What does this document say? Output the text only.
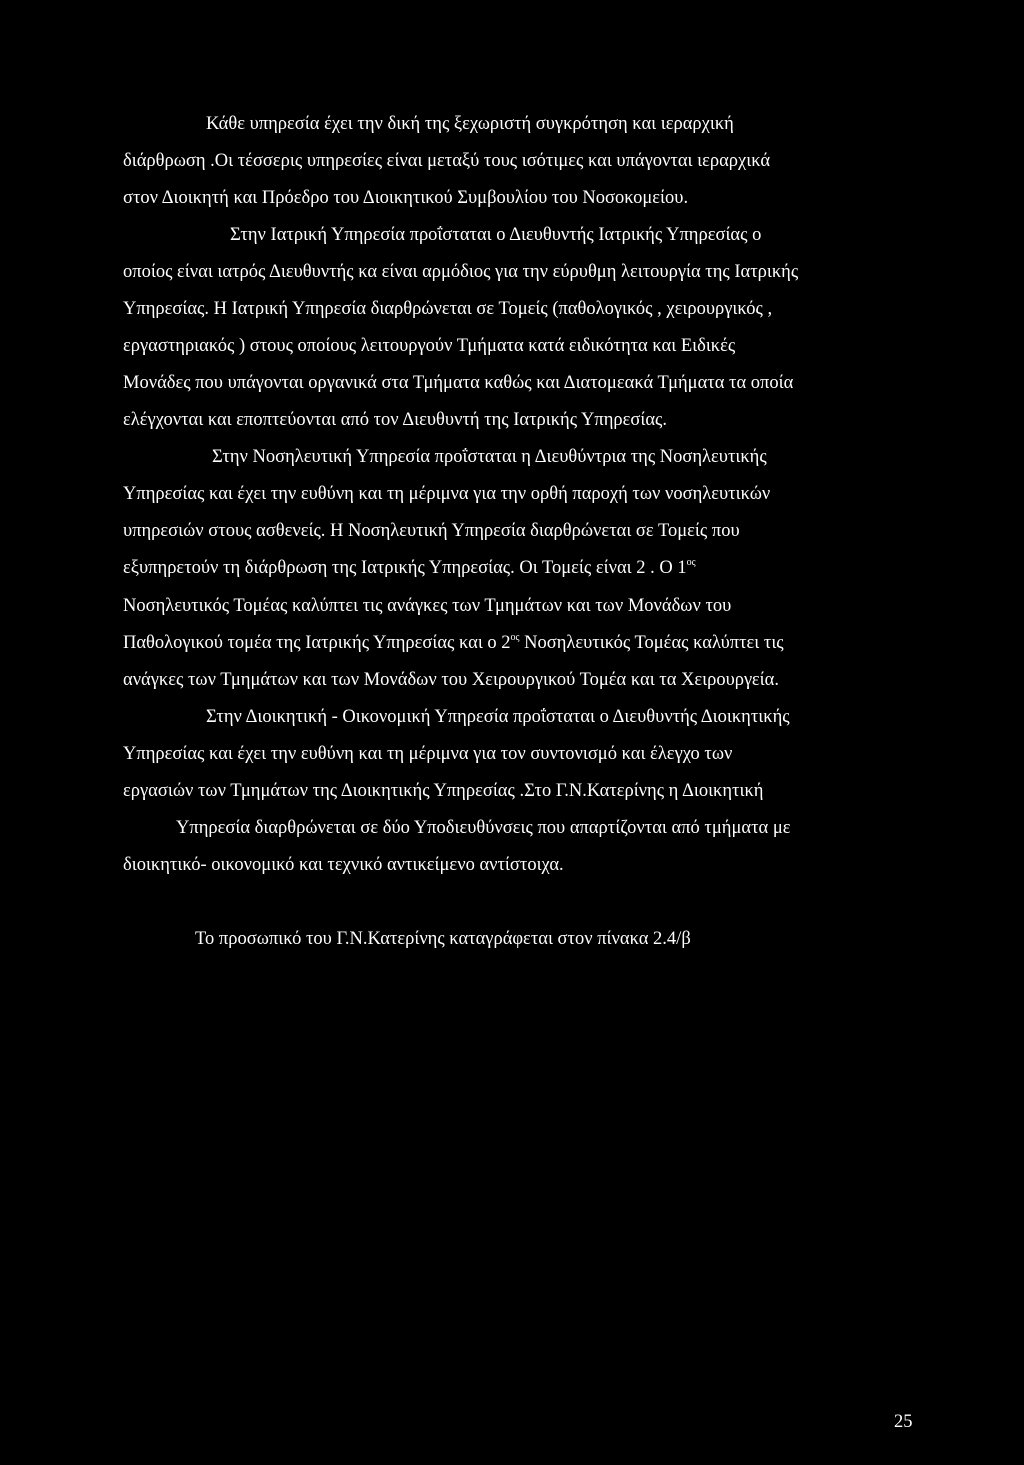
Κάθε υπηρεσία έχει την δική της ξεχωριστή συγκρότηση και ιεραρχική
διάρθρωση .Οι τέσσερις υπηρεσίες είναι μεταξύ τους ισότιμες και υπάγονται ιεραρχικά
στον Διοικητή και Πρόεδρο του Διοικητικού Συμβουλίου του Νοσοκομείου.
Στην Ιατρική Υπηρεσία προΐσταται ο Διευθυντής Ιατρικής Υπηρεσίας ο
οποίος είναι ιατρός Διευθυντής κα είναι αρμόδιος για την εύρυθμη λειτουργία της Ιατρικής
Υπηρεσίας. Η Ιατρική Υπηρεσία διαρθρώνεται σε Τομείς (παθολογικός , χειρουργικός ,
εργαστηριακός ) στους οποίους λειτουργούν Τμήματα κατά ειδικότητα και Ειδικές
Μονάδες που υπάγονται οργανικά στα Τμήματα καθώς και Διατομεακά Τμήματα τα οποία
ελέγχονται και εποπτεύονται από τον Διευθυντή της Ιατρικής Υπηρεσίας.
Στην Νοσηλευτική Υπηρεσία προΐσταται η Διευθύντρια της Νοσηλευτικής
Υπηρεσίας και έχει την ευθύνη και τη μέριμνα για την ορθή παροχή των νοσηλευτικών
υπηρεσιών στους ασθενείς. Η Νοσηλευτική Υπηρεσία διαρθρώνεται σε Τομείς που
εξυπηρετούν τη διάρθρωση της Ιατρικής Υπηρεσίας. Οι Τομείς είναι 2 . Ο $1^{o\varsigma}$
Νοσηλευτικός Τομέας καλύπτει τις ανάγκες των Τμημάτων και των Μονάδων του
Παθολογικού τομέα της Ιατρικής Υπηρεσίας και ο $2^{o\varsigma}$ Νοσηλευτικός Τομέας καλύπτει τις
ανάγκες των Τμημάτων και των Μονάδων του Χειρουργικού Τομέα και τα Χειρουργεία.
Στην Διοικητική - Οικονομική Υπηρεσία προΐσταται ο Διευθυντής Διοικητικής
Υπηρεσίας και έχει την ευθύνη και τη μέριμνα για τον συντονισμό και έλεγχο των
εργασιών των Τμημάτων της Διοικητικής Υπηρεσίας .Στο Γ.Ν.Κατερίνης η Διοικητική
Υπηρεσία διαρθρώνεται σε δύο Υποδιευθύνσεις που απαρτίζονται από τμήματα με
διοικητικό- οικονομικό και τεχνικό αντικείμενο αντίστοιχα.
Το προσωπικό του Γ.Ν.Κατερίνης καταγράφεται στον πίνακα 2.4/β
25
